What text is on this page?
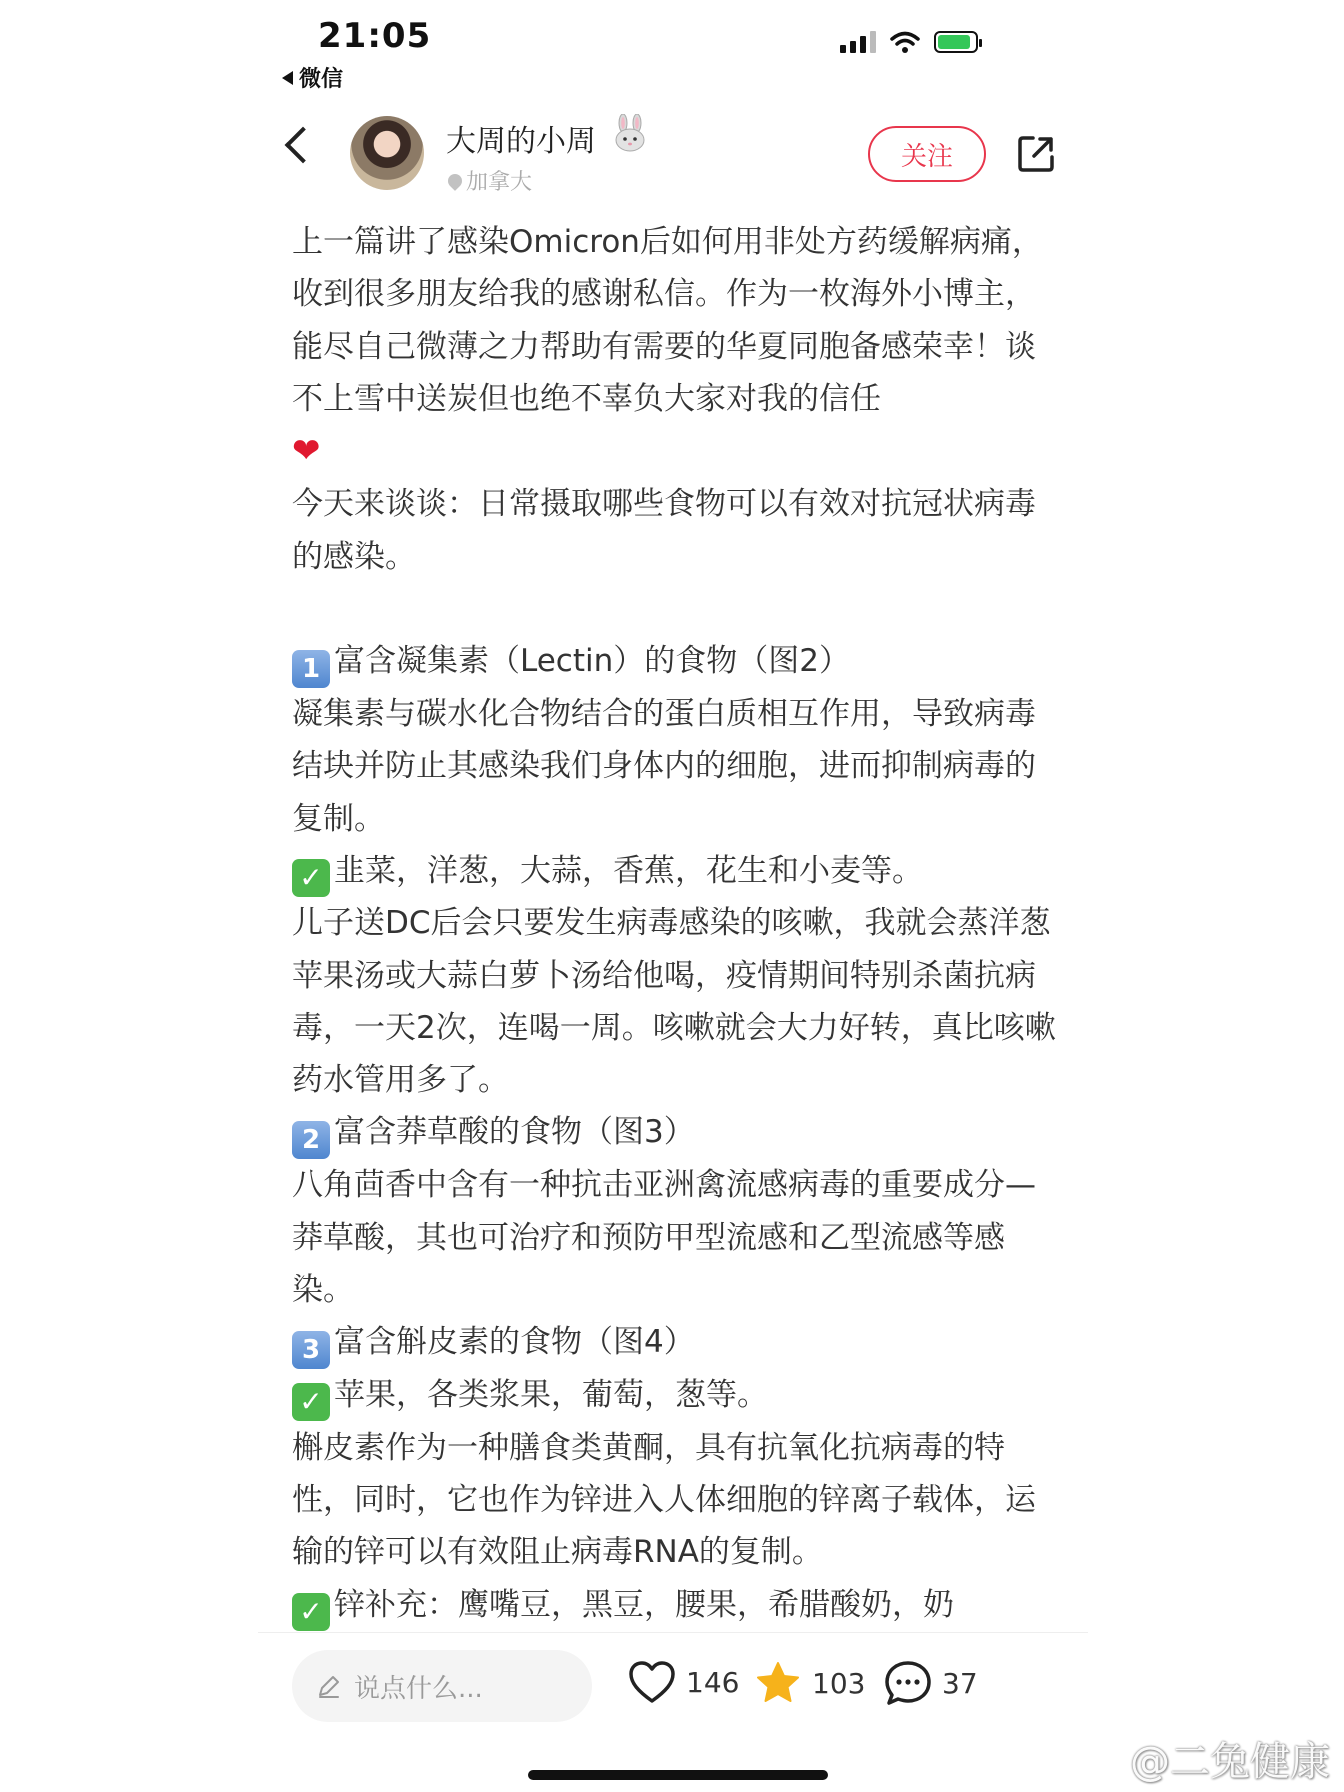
21:05
微信
大周的小周
加拿大
关注

上一篇讲了感染Omicron后如何用非处方药缓解病痛，收到很多朋友给我的感谢私信。作为一枚海外小博主，能尽自己微薄之力帮助有需要的华夏同胞备感荣幸！谈不上雪中送炭但也绝不辜负大家对我的信任

❤

今天来谈谈：日常摄取哪些食物可以有效对抗冠状病毒的感染。

1 富含凝集素（Lectin）的食物（图2）

凝集素与碳水化合物结合的蛋白质相互作用，导致病毒结块并防止其感染我们身体内的细胞，进而抑制病毒的复制。

✓ 韭菜，洋葱，大蒜，香蕉，花生和小麦等。

儿子送DC后会只要发生病毒感染的咳嗽，我就会蒸洋葱苹果汤或大蒜白萝卜汤给他喝，疫情期间特别杀菌抗病毒，一天2次，连喝一周。咳嗽就会大力好转，真比咳嗽药水管用多了。

2 富含莽草酸的食物（图3）

八角茴香中含有一种抗击亚洲禽流感病毒的重要成分—莽草酸，其也可治疗和预防甲型流感和乙型流感等感染。

3 富含斛皮素的食物（图4）

✓ 苹果，各类浆果，葡萄，葱等。

槲皮素作为一种膳食类黄酮，具有抗氧化抗病毒的特性，同时，它也作为锌进入人体细胞的锌离子载体，运输的锌可以有效阻止病毒RNA的复制。

✓ 锌补充：鹰嘴豆，黑豆，腰果，希腊酸奶，奶

说点什么...	146	103	37
@二兔健康
